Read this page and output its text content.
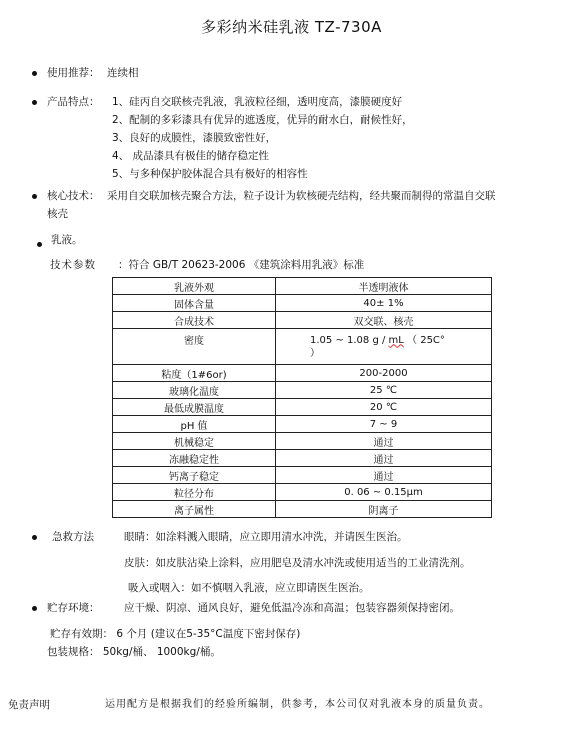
多彩纳米硅乳液 TZ-730A
使用推荐： 连续相
产品特点： 1、硅丙自交联核壳乳液，乳液粒径细，透明度高，漆膜硬度好
2、配制的多彩漆具有优异的遮透度，优异的耐水白，耐候性好，
3、良好的成膜性，漆膜致密性好，
4、 成品漆具有极佳的储存稳定性
5、与多种保护胶体混合具有极好的相容性
核心技术： 采用自交联加核壳聚合方法，粒子设计为软核硬壳结构，经共聚而制得的常温自交联
核壳
乳液。
技术参数 ：符合 GB/T 20623-2006 《建筑涂料用乳液》标准
乳液外观	半透明液体
固体含量	40± 1%
合成技术	双交联、核壳
密度	1.05 ~ 1.08 g / mL （ 25C°
）
粘度（1#6or)	200-2000
玻璃化温度	25 ℃
最低成膜温度	20 ℃
pH 值	7 ~ 9
机械稳定	通过
冻融稳定性	通过
钙离子稳定	通过
粒径分布	0. 06 ~ 0.15µm
离子属性	阴离子
急救方法	眼睛：如涂料溅入眼睛，应立即用清水冲洗，并请医生医治。
皮肤：如皮肤沾染上涂料，应用肥皂及清水冲洗或使用适当的工业清洗剂。
吸入或咽入：如不慎咽入乳液，应立即请医生医治。
贮存环境： 应干燥、阴凉、通风良好，避免低温冷冻和高温；包装容器须保持密闭。
贮存有效期： 6 个月 (建议在5-35°C温度下密封保存)
包装规格： 50kg/桶、 1000kg/桶。
免责声明	运用配方是根据我们的经验所编制，供参考，本公司仅对乳液本身的质量负责。
